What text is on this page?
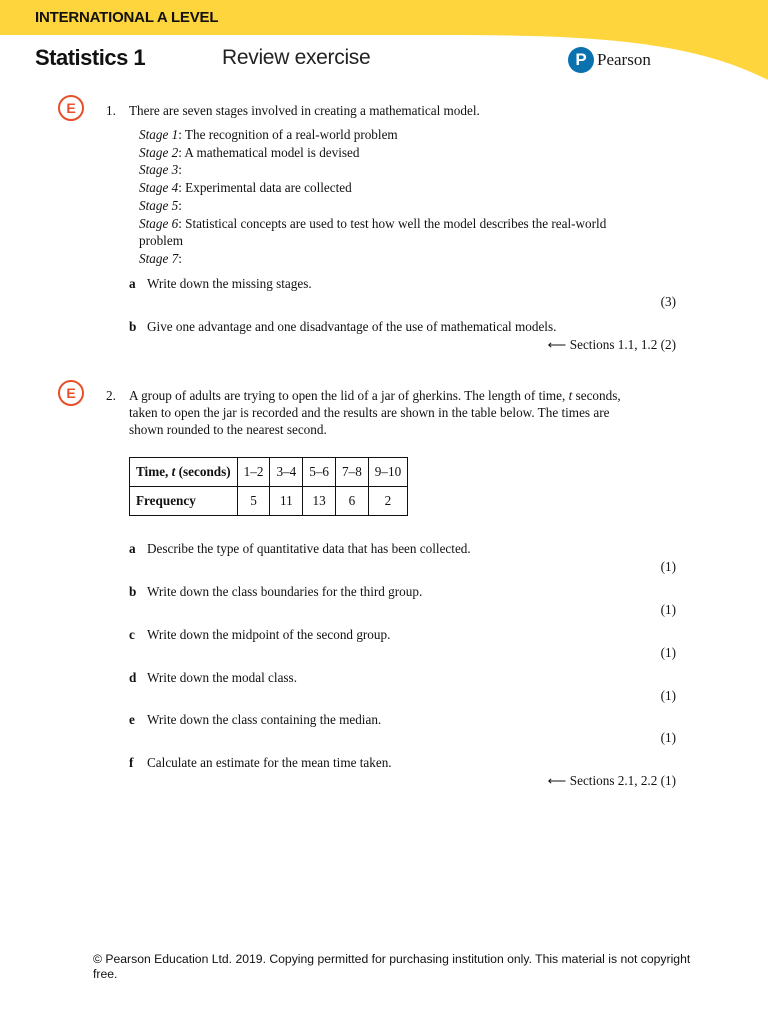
INTERNATIONAL A LEVEL
Statistics 1	Review exercise	P Pearson
E	1. There are seven stages involved in creating a mathematical model.
Stage 1: The recognition of a real-world problem
Stage 2: A mathematical model is devised
Stage 3:
Stage 4: Experimental data are collected
Stage 5:
Stage 6: Statistical concepts are used to test how well the model describes the real-world
problem
Stage 7:
a Write down the missing stages.
(3)
b Give one advantage and one disadvantage of the use of mathematical models.
⟵ Sections 1.1, 1.2 (2)
E	2. A group of adults are trying to open the lid of a jar of gherkins. The length of time, t seconds,
taken to open the jar is recorded and the results are shown in the table below. The times are
shown rounded to the nearest second.
Time, t (seconds)	1–2	3–4	5–6	7–8	9–10
Frequency	5	11	13	6	2
a Describe the type of quantitative data that has been collected.
(1)
b Write down the class boundaries for the third group.
(1)
c Write down the midpoint of the second group.
(1)
d Write down the modal class.
(1)
e Write down the class containing the median.
(1)
f Calculate an estimate for the mean time taken.
⟵ Sections 2.1, 2.2 (1)
© Pearson Education Ltd. 2019. Copying permitted for purchasing institution only. This material is not copyright free.
